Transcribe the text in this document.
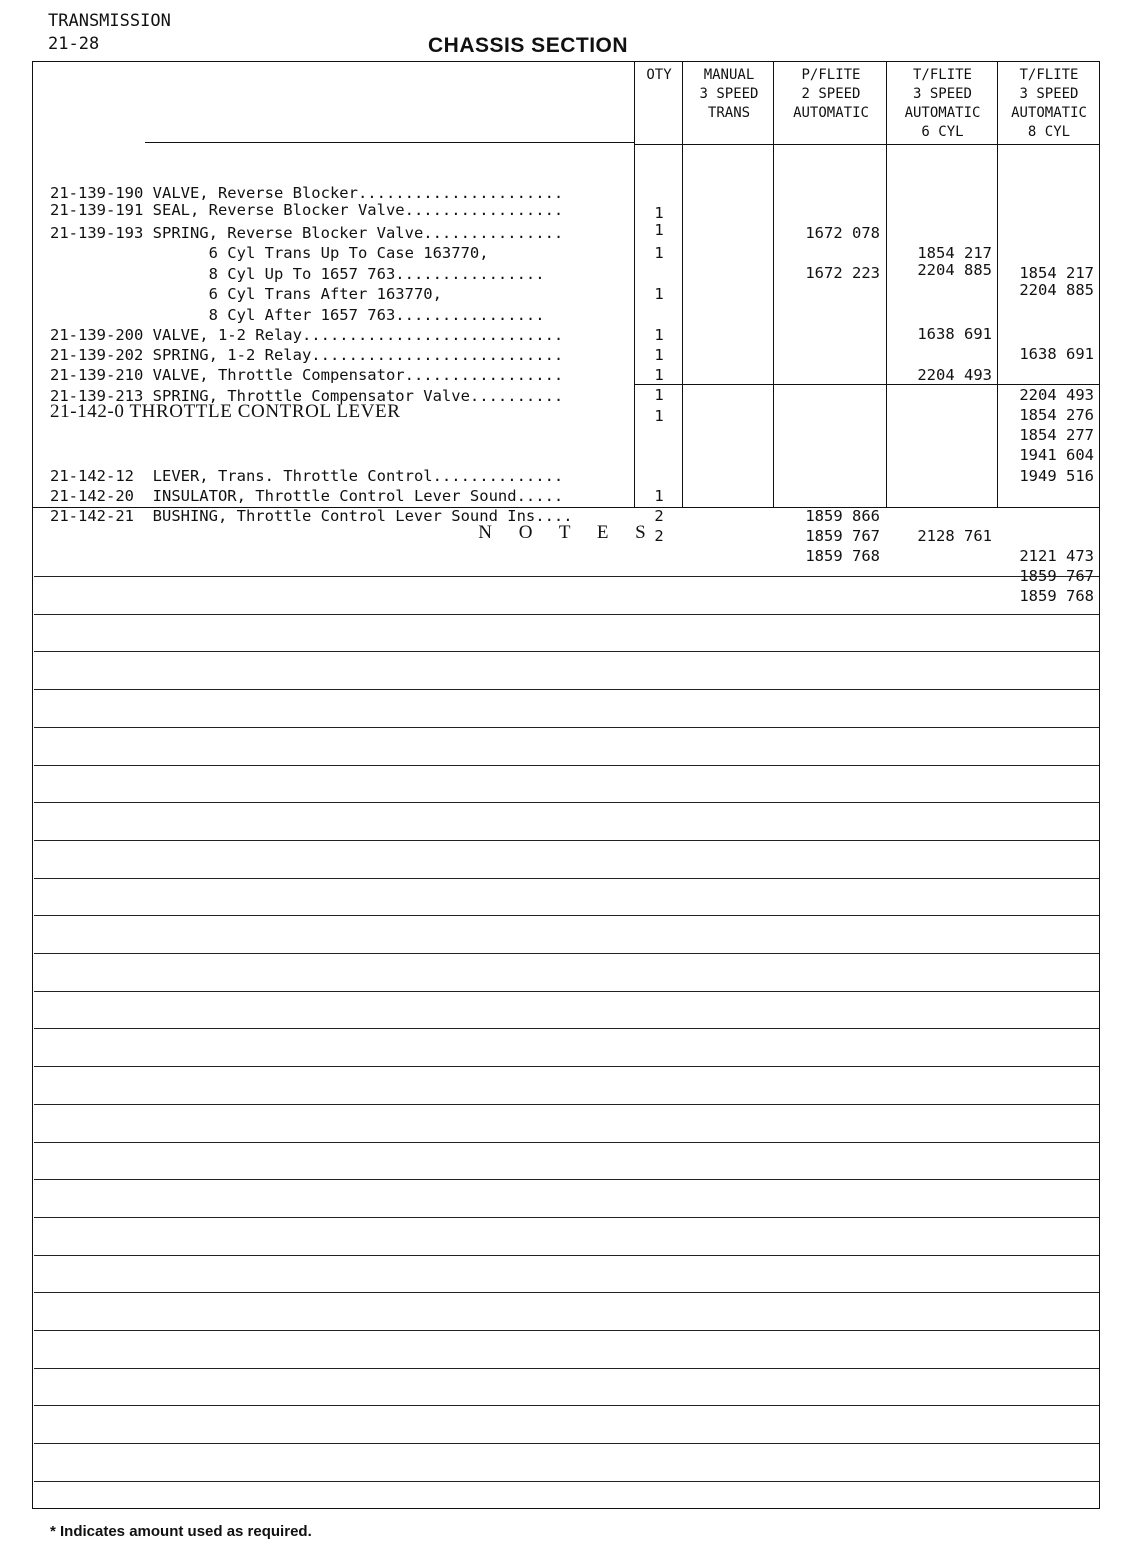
TRANSMISSION
21-28	CHASSIS SECTION
OTY	MANUAL
3 SPEED
TRANS
P/FLITE
2 SPEED
AUTOMATIC
T/FLITE
3 SPEED
AUTOMATIC
6 CYL
T/FLITE
3 SPEED
AUTOMATIC
8 CYL

21-139-190 VALVE, Reverse Blocker......................

1

1672 078

1854 217

1854 217

21-139-191 SEAL, Reverse Blocker Valve.................

1

2204 885

2204 885

21-139-193 SPRING, Reverse Blocker Valve...............

1

1672 223

6 Cyl Trans Up To Case 163770,

8 Cyl Up To 1657 763................

1

1638 691

1638 691

6 Cyl Trans After 163770,

8 Cyl After 1657 763................

1

2204 493

2204 493

21-139-200 VALVE, 1-2 Relay............................

1

1854 276

21-139-202 SPRING, 1-2 Relay...........................

1

1854 277

21-139-210 VALVE, Throttle Compensator.................

1

1941 604

21-139-213 SPRING, Throttle Compensator Valve..........

1

1949 516

21-142-0 THROTTLE CONTROL LEVER

21-142-12  LEVER, Trans. Throttle Control..............

1

1859 866

2128 761

2121 473

21-142-20  INSULATOR, Throttle Control Lever Sound.....

2

1859 767

1859 767

21-142-21  BUSHING, Throttle Control Lever Sound Ins....

2

1859 768

1859 768

N O T E S
* Indicates amount used as required.
